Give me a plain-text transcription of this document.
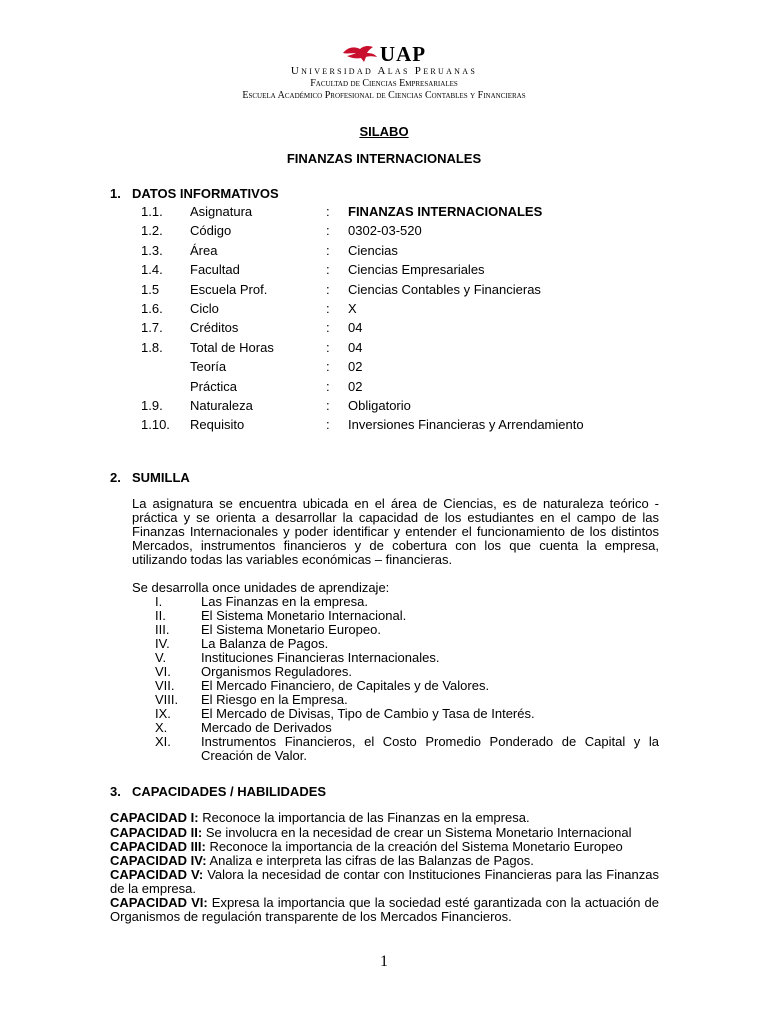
UAP
Universidad Alas Peruanas
Facultad de Ciencias Empresariales
Escuela Académico Profesional de Ciencias Contables y Financieras
SILABO
FINANZAS INTERNACIONALES
1. DATOS INFORMATIVOS
1.1. Asignatura	: FINANZAS INTERNACIONALES
1.2. Código	: 0302-03-520
1.3. Área	: Ciencias
1.4. Facultad	: Ciencias Empresariales
1.5 Escuela Prof.	: Ciencias Contables y Financieras
1.6. Ciclo	: X
1.7. Créditos	: 04
1.8. Total de Horas	: 04
Teoría	: 02
Práctica	: 02
1.9. Naturaleza	: Obligatorio
1.10. Requisito	: Inversiones Financieras y Arrendamiento
2. SUMILLA
La asignatura se encuentra ubicada en el área de Ciencias, es de naturaleza teórico - práctica y se orienta a desarrollar la capacidad de los estudiantes en el campo de las Finanzas Internacionales y poder identificar y entender el funcionamiento de los distintos Mercados, instrumentos financieros y de cobertura con los que cuenta la empresa, utilizando todas las variables económicas – financieras.
Se desarrolla once unidades de aprendizaje:
I.	Las Finanzas en la empresa.
II.	El Sistema Monetario Internacional.
III. El Sistema Monetario Europeo.
IV. La Balanza de Pagos.
V.	Instituciones Financieras Internacionales.
VI. Organismos Reguladores.
VII. El Mercado Financiero, de Capitales y de Valores.
VIII. El Riesgo en la Empresa.
IX. El Mercado de Divisas, Tipo de Cambio y Tasa de Interés.
X.	Mercado de Derivados
XI. Instrumentos Financieros, el Costo Promedio Ponderado de Capital y la Creación de Valor.
3. CAPACIDADES / HABILIDADES
CAPACIDAD I: Reconoce la importancia de las Finanzas en la empresa.
CAPACIDAD II: Se involucra en la necesidad de crear un Sistema Monetario Internacional
CAPACIDAD III: Reconoce la importancia de la creación del Sistema Monetario Europeo
CAPACIDAD IV: Analiza e interpreta las cifras de las Balanzas de Pagos.
CAPACIDAD V: Valora la necesidad de contar con Instituciones Financieras para las Finanzas de la empresa.
CAPACIDAD VI: Expresa la importancia que la sociedad esté garantizada con la actuación de Organismos de regulación transparente de los Mercados Financieros.
1
